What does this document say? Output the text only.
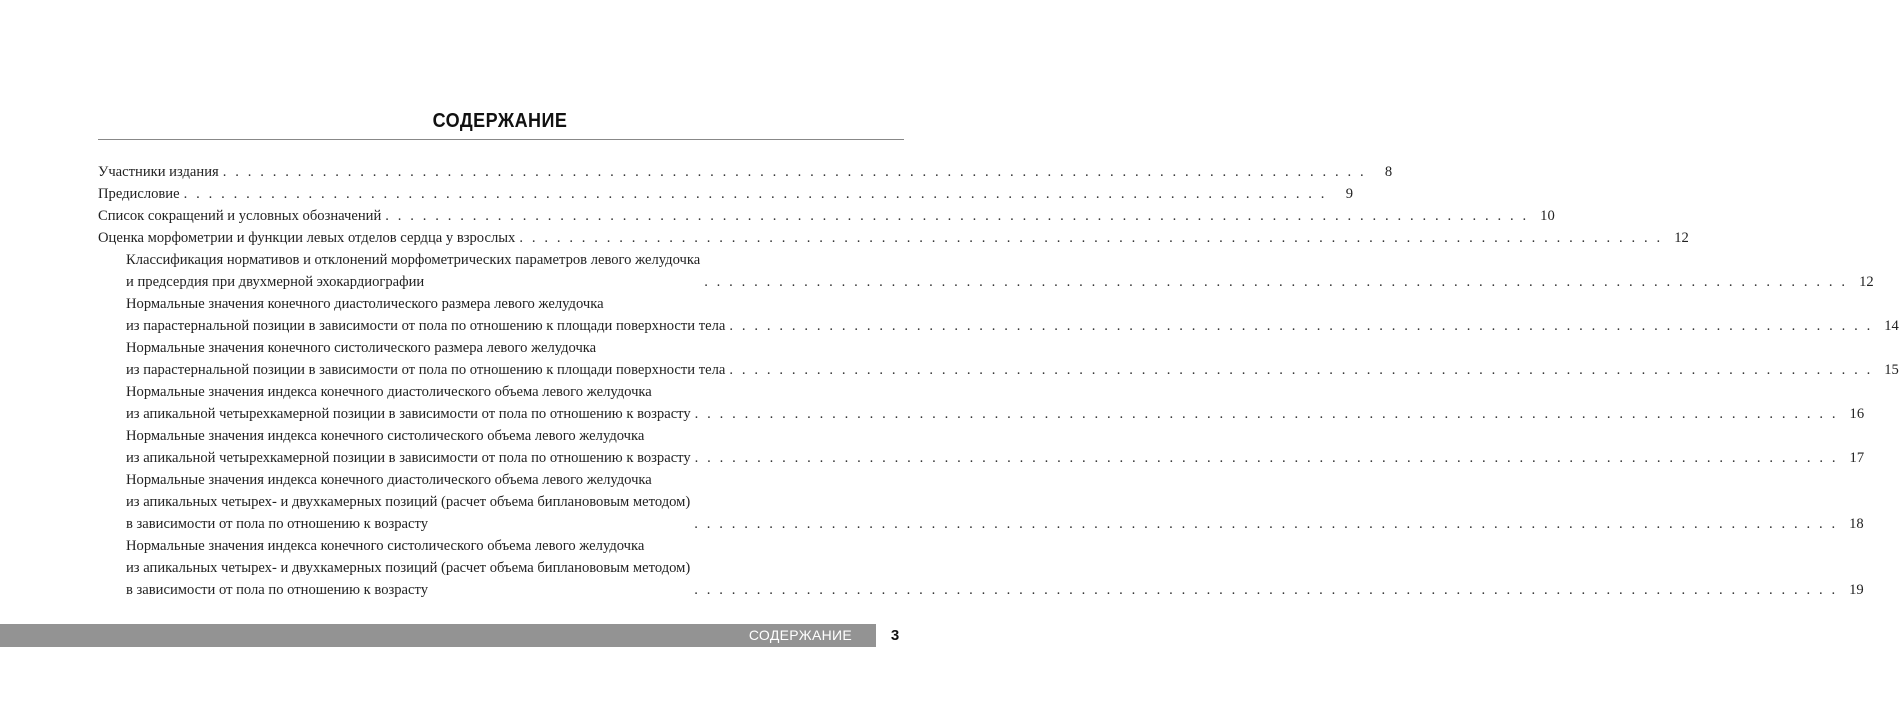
СОДЕРЖАНИЕ
Участники издания . . . . . . . . . . . . . . . . . . . . . . . . . . . . . . . . . . . . . . . . . . . . . . . . . . . . . . . . . . . . . . . . . . . . . . . . . . . . . . . . . . . . . . . . . . . .	8
Предисловие . . . . . . . . . . . . . . . . . . . . . . . . . . . . . . . . . . . . . . . . . . . . . . . . . . . . . . . . . . . . . . . . . . . . . . . . . . . . . . . . . . . . . . . . . . . .	9
Список сокращений и условных обозначений . . . . . . . . . . . . . . . . . . . . . . . . . . . . . . . . . . . . . . . . . . . . . . . . . . . . . . . . . . . . . . . . . . . . . . . . . . . . . . . . . . . . . . . . . . . . 10
Оценка морфометрии и функции левых отделов сердца у взрослых . . . . . . . . . . . . . . . . . . . . . . . . . . . . . . . . . . . . . . . . . . . . . . . . . . . . . . . . . . . . . . . . . . . . . . . . . . . . . . . . . . . . . . . . . . . . 12
Классификация нормативов и отклонений морфометрических параметров левого желудочка
и предсердия при двухмерной эхокардиографии	. . . . . . . . . . . . . . . . . . . . . . . . . . . . . . . . . . . . . . . . . . . . . . . . . . . . . . . . . . . . . . . . . . . . . . . . . . . . . . . . . . . . . . . . . . . . 12
Нормальные значения конечного диастолического размера левого желудочка
из парастернальной позиции в зависимости от пола по отношению к площади поверхности тела . . . . . . . . . . . . . . . . . . . . . . . . . . . . . . . . . . . . . . . . . . . . . . . . . . . . . . . . . . . . . . . . . . . . . . . . . . . . . . . . . . . . . . . . . . . . 14
Нормальные значения конечного систолического размера левого желудочка
из парастернальной позиции в зависимости от пола по отношению к площади поверхности тела . . . . . . . . . . . . . . . . . . . . . . . . . . . . . . . . . . . . . . . . . . . . . . . . . . . . . . . . . . . . . . . . . . . . . . . . . . . . . . . . . . . . . . . . . . . . 15
Нормальные значения индекса конечного диастолического объема левого желудочка
из апикальной четырехкамерной позиции в зависимости от пола по отношению к возрасту . . . . . . . . . . . . . . . . . . . . . . . . . . . . . . . . . . . . . . . . . . . . . . . . . . . . . . . . . . . . . . . . . . . . . . . . . . . . . . . . . . . . . . . . . . . . 16
Нормальные значения индекса конечного систолического объема левого желудочка
из апикальной четырехкамерной позиции в зависимости от пола по отношению к возрасту . . . . . . . . . . . . . . . . . . . . . . . . . . . . . . . . . . . . . . . . . . . . . . . . . . . . . . . . . . . . . . . . . . . . . . . . . . . . . . . . . . . . . . . . . . . . 17
Нормальные значения индекса конечного диастолического объема левого желудочка
из апикальных четырех- и двухкамерных позиций (расчет объема бипланововым методом)
в зависимости от пола по отношению к возрасту	. . . . . . . . . . . . . . . . . . . . . . . . . . . . . . . . . . . . . . . . . . . . . . . . . . . . . . . . . . . . . . . . . . . . . . . . . . . . . . . . . . . . . . . . . . . . 18
Нормальные значения индекса конечного систолического объема левого желудочка
из апикальных четырех- и двухкамерных позиций (расчет объема бипланововым методом)
в зависимости от пола по отношению к возрасту	. . . . . . . . . . . . . . . . . . . . . . . . . . . . . . . . . . . . . . . . . . . . . . . . . . . . . . . . . . . . . . . . . . . . . . . . . . . . . . . . . . . . . . . . . . . . 19
СОДЕРЖАНИЕ	3
